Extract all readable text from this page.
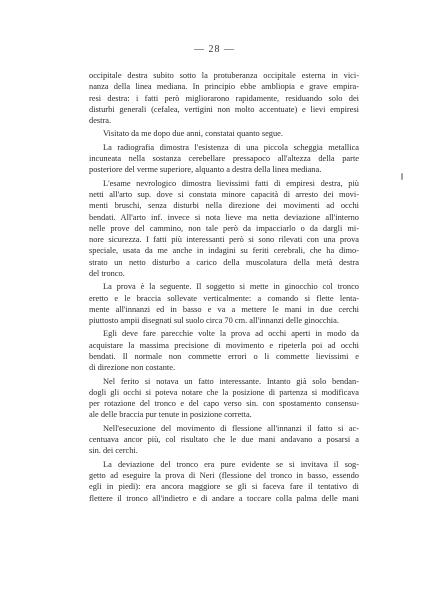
— 28 —
occipitale destra subito sotto la protuberanza occipitale esterna in vici-
nanza della linea mediana. In principio ebbe ambliopia e grave empira-
resi destra: i fatti però migliorarono rapidamente, residuando solo dei
disturbi generali (cefalea, vertigini non molto accentuate) e lievi empiresi
destra.
Visitato da me dopo due anni, constatai quanto segue.
La radiografia dimostra l'esistenza di una piccola scheggia metallica
incuneata nella sostanza cerebellare pressapoco all'altezza della parte
posteriore del verme superiore, alquanto a destra della linea mediana.
L'esame nevrologico dimostra lievissimi fatti di empiresi destra, più
netti all'arto sup. dove si constata minore capacità di arresto dei movi-
menti bruschi, senza disturbi nella direzione dei movimenti ad occhi
bendati. All'arto inf. invece si nota lieve ma netta deviazione all'interno
nelle prove del cammino, non tale però da impacciarlo o da dargli mi-
nore sicurezza. I fatti più interessanti però si sono rilevati con una prova
speciale, usata da me anche in indagini su feriti cerebrali, che ha dimo-
strato un netto disturbo a carico della muscolatura della metà destra
del tronco.
La prova è la seguente. Il soggetto si mette in ginocchio col tronco
eretto e le braccia sollevate verticalmente: a comando si flette lenta-
mente all'innanzi ed in basso e va a mettere le mani in due cerchi
piuttosto ampii disegnati sul suolo circa 70 cm. all'innanzi delle ginocchia.
Egli deve fare parecchie volte la prova ad occhi aperti in modo da
acquistare la massima precisione di movimento e ripeterla poi ad occhi
bendati. Il normale non commette errori o li commette lievissimi e
di direzione non costante.
Nel ferito si notava un fatto interessante. Intanto già solo bendan-
dogli gli occhi si poteva notare che la posizione di partenza si modificava
per rotazione del tronco e del capo verso sin. con spostamento consensu-
ale delle braccia pur tenute in posizione corretta.
Nell'esecuzione del movimento di flessione all'innanzi il fatto si ac-
centuava ancor più, col risultato che le due mani andavano a posarsi a
sin. dei cerchi.
La deviazione del tronco era pure evidente se si invitava il sog-
getto ad eseguire la prova di Neri (flessione del tronco in basso, essendo
egli in piedi): era ancora maggiore se gli si faceva fare il tentativo di
flettere il tronco all'indietro e di andare a toccare colla palma delle mani
